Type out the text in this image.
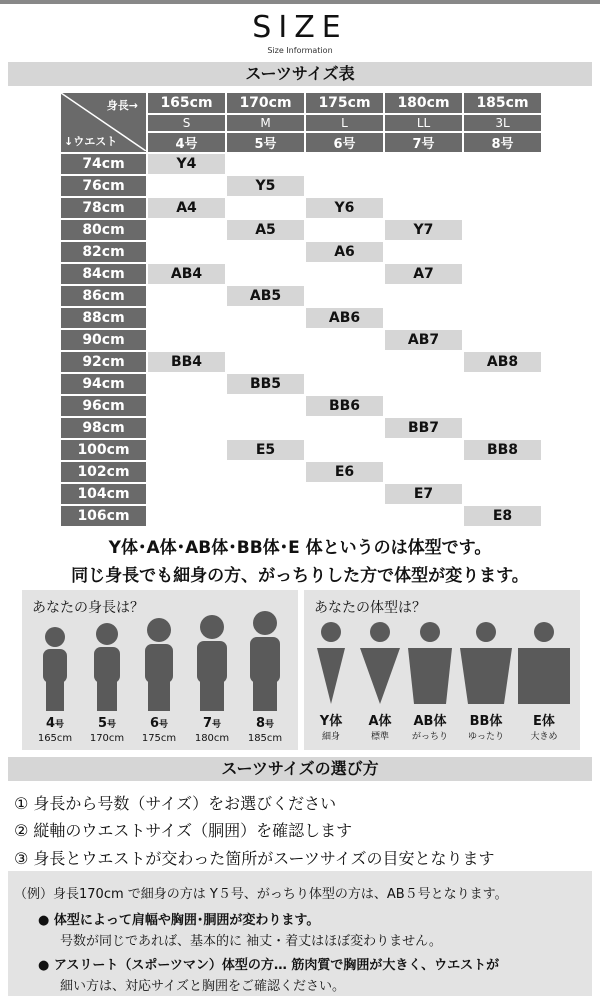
SIZE
Size Information
スーツサイズ表
身長→
↓ウエスト	165cm	170cm	175cm	180cm	185cm
	S	M	L	LL	3L
	4号	5号	6号	7号	8号
74cm	Y4				
76cm		Y5			
78cm	A4		Y6		
80cm		A5		Y7	
82cm			A6		
84cm	AB4			A7	
86cm		AB5			
88cm			AB6		
90cm				AB7	
92cm	BB4				AB8
94cm		BB5			
96cm			BB6		
98cm				BB7	
100cm		E5			BB8
102cm			E6		
104cm				E7	
106cm					E8
Y体･A体･AB体･BB体･E 体というのは体型です。
同じ身長でも細身の方、がっちりした方で体型が変ります。
あなたの身長は？
4号	5号	6号	7号	8号
165cm	170cm	175cm	180cm	185cm
あなたの体型は？
Y体	A体	AB体	BB体	E体
細身	標準	がっちり	ゆったり	大きめ
スーツサイズの選び方
① 身長から号数（サイズ）をお選びください
② 縦軸のウエストサイズ（胴囲）を確認します
③ 身長とウエストが交わった箇所がスーツサイズの目安となります
（例）身長170cm で細身の方は Y５号、がっちり体型の方は、AB５号となります。
● 体型によって肩幅や胸囲･胴囲が変わります。
号数が同じであれば、基本的に 袖丈・着丈はほぼ変わりません。
● アスリート（スポーツマン）体型の方… 筋肉質で胸囲が大きく、ウエストが
細い方は、対応サイズと胸囲をご確認ください。
